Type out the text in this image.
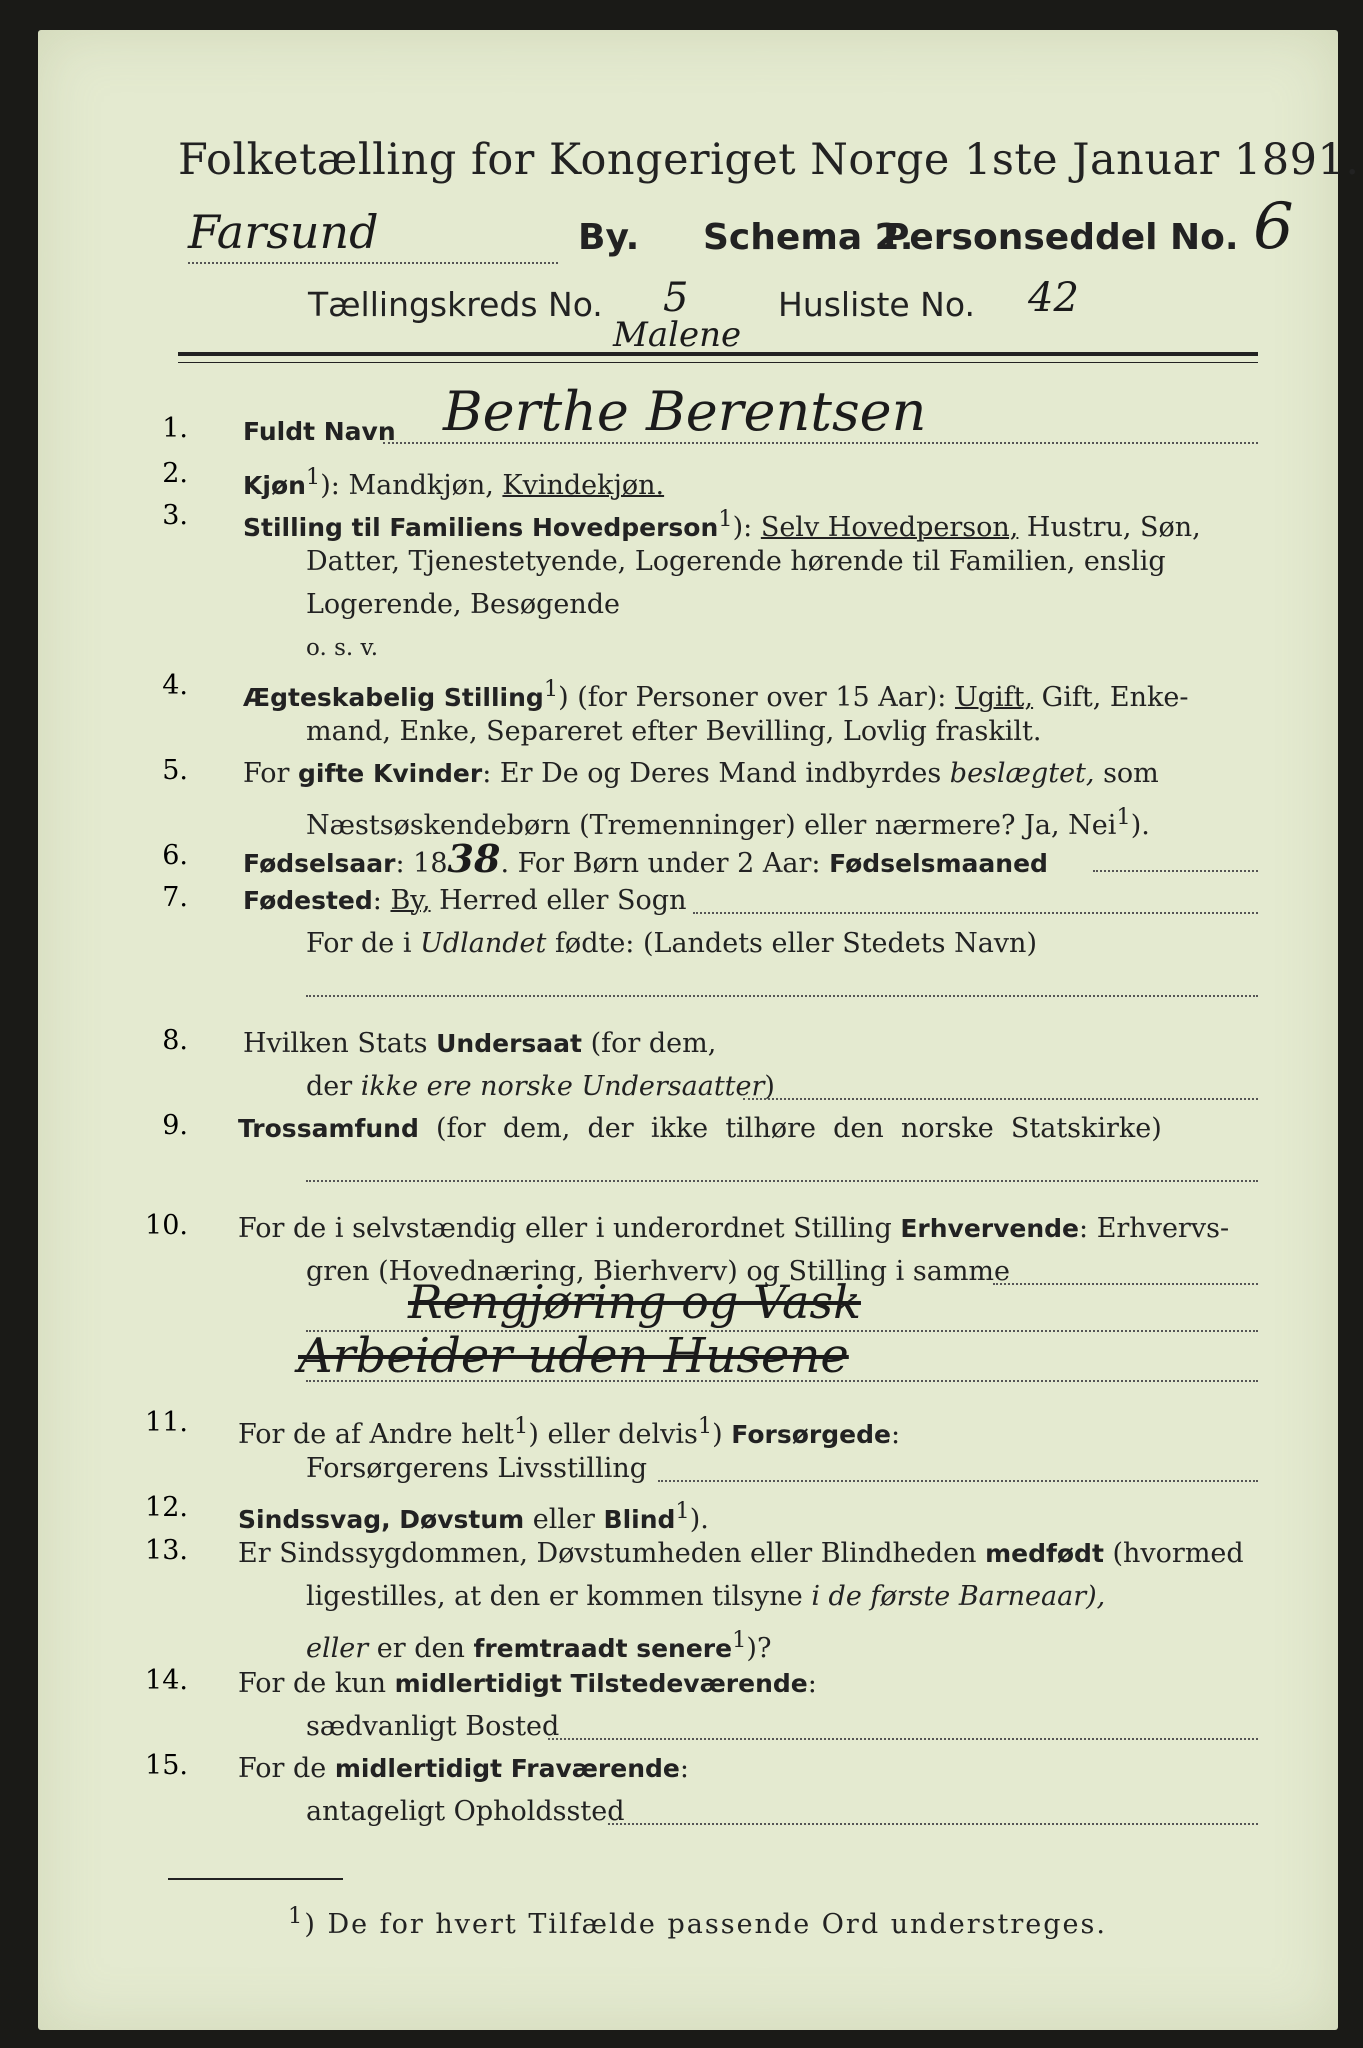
Folketælling for Kongeriget Norge 1ste Januar 1891.
Farsund	By. Schema 2.
Personseddel No. 6
Tællingskreds No. 5	Husliste No. 42
Malene
1. Fuldt Navn Berthe Berentsen
2. Kjøn$^1$): Mandkjøn, Kvindekjøn.
3. Stilling til Familiens Hovedperson$^1$): Selv Hovedperson, Hustru, Søn,
Datter, Tjenestetyende, Logerende hørende til Familien, enslig
Logerende, Besøgende
o. s. v.
4. Ægteskabelig Stilling$^1$) (for Personer over 15 Aar): Ugift, Gift, Enke-
mand, Enke, Separeret efter Bevilling, Lovlig fraskilt.
5. For gifte Kvinder: Er De og Deres Mand indbyrdes beslægtet, som
Næstsøskendebørn (Tremenninger) eller nærmere? Ja, Nei$^1$).
6. Fødselsaar: 1838. For Børn under 2 Aar: Fødselsmaaned
7. Fødested: By, Herred eller Sogn
For de i Udlandet fødte: (Landets eller Stedets Navn)
8. Hvilken Stats Undersaat (for dem,
der ikke ere norske Undersaatter)
9. Trossamfund  (for  dem,  der  ikke  tilhøre  den  norske  Statskirke)
10. For de i selvstændig eller i underordnet Stilling Erhvervende: Erhvervs-
gren (Hovednæring, Bierhverv) og Stilling i samme
Rengjøring og Vask
Arbeider uden Husene
11. For de af Andre helt$^1$) eller delvis$^1$) Forsørgede:
Forsørgerens Livsstilling
12. Sindssvag, Døvstum eller Blind$^1$).
13. Er Sindssygdommen, Døvstumheden eller Blindheden medfødt (hvormed
ligestilles, at den er kommen tilsyne i de første Barneaar),
eller er den fremtraadt senere$^1$)?
14. For de kun midlertidigt Tilstedeværende:
sædvanligt Bosted
15. For de midlertidigt Fraværende:
antageligt Opholdssted
$^1$) De for hvert Tilfælde passende Ord understreges.
